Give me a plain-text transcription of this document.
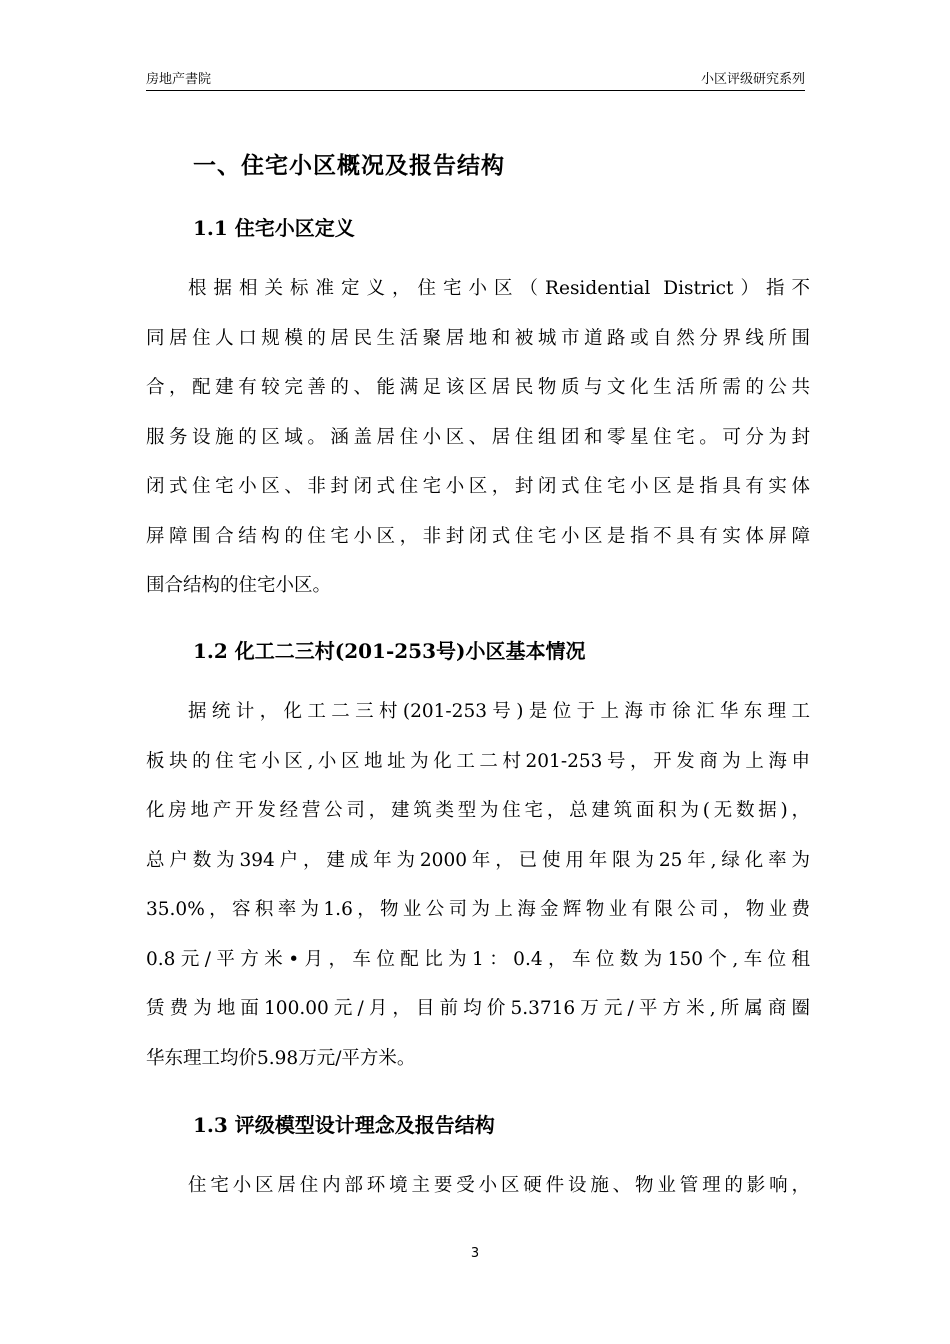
房地产書院	小区评级研究系列
一、住宅小区概况及报告结构
1.1 住宅小区定义
根据相关标准定义，住宅小区（Residential District）指不
同居住人口规模的居民生活聚居地和被城市道路或自然分界线所围
合，配建有较完善的、能满足该区居民物质与文化生活所需的公共
服务设施的区域。涵盖居住小区、居住组团和零星住宅。可分为封
闭式住宅小区、非封闭式住宅小区，封闭式住宅小区是指具有实体
屏障围合结构的住宅小区，非封闭式住宅小区是指不具有实体屏障
围合结构的住宅小区。
1.2 化工二三村(201-253号)小区基本情况
据统计，化工二三村(201-253号)是位于上海市徐汇华东理工
板块的住宅小区,小区地址为化工二村201-253号，开发商为上海申
化房地产开发经营公司，建筑类型为住宅，总建筑面积为(无数据)，
总户数为394户，建成年为2000年，已使用年限为25年,绿化率为
35.0%，容积率为1.6，物业公司为上海金辉物业有限公司，物业费
0.8元/平方米•月，车位配比为1：0.4，车位数为150个,车位租
赁费为地面100.00元/月，目前均价5.3716万元/平方米,所属商圈
华东理工均价5.98万元/平方米。
1.3 评级模型设计理念及报告结构
住宅小区居住内部环境主要受小区硬件设施、物业管理的影响，
3
